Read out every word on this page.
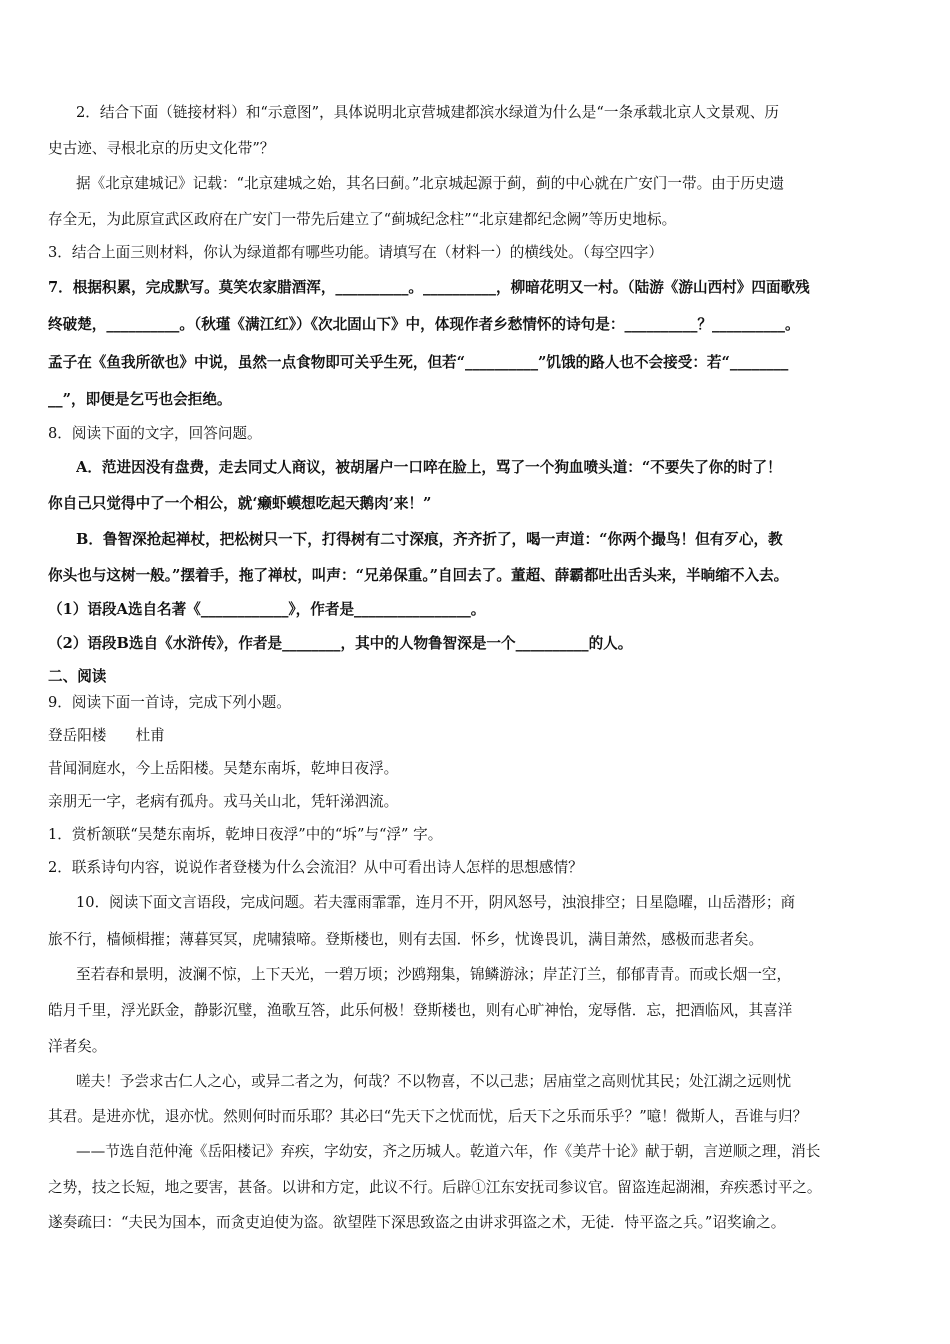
2．结合下面（链接材料）和“示意图”，具体说明北京营城建都滨水绿道为什么是“一条承载北京人文景观、历
史古迹、寻根北京的历史文化带”？
据《北京建城记》记载：“北京建城之始，其名曰蓟。”北京城起源于蓟，蓟的中心就在广安门一带。由于历史遗
存全无，为此原宣武区政府在广安门一带先后建立了“蓟城纪念柱”“北京建都纪念阙”等历史地标。
3．结合上面三则材料，你认为绿道都有哪些功能。请填写在（材料一）的横线处。（每空四字）
7．根据积累，完成默写。莫笑农家腊酒浑，__________。__________，柳暗花明又一村。（陆游《游山西村》四面歌残
终破楚，__________。（秋瑾《满江红》）《次北固山下》中，体现作者乡愁情怀的诗句是：__________？__________。
孟子在《鱼我所欲也》中说，虽然一点食物即可关乎生死，但若“__________”饥饿的路人也不会接受：若“________
__”，即便是乞丐也会拒绝。
8．阅读下面的文字，回答问题。
A．范进因没有盘费，走去同丈人商议，被胡屠户一口啐在脸上，骂了一个狗血喷头道：“不要失了你的时了！
你自己只觉得中了一个相公，就‘癞虾蟆想吃起天鹅肉’来！”
B．鲁智深抢起禅杖，把松树只一下，打得树有二寸深痕，齐齐折了，喝一声道：“你两个撮鸟！但有歹心，教
你头也与这树一般。”摆着手，拖了禅杖，叫声：“兄弟保重。”自回去了。董超、薛霸都吐出舌头来，半晌缩不入去。
（1）语段A选自名著《____________》，作者是________________。
（2）语段B选自《水浒传》，作者是________，其中的人物鲁智深是一个__________的人。
二、阅读
9．阅读下面一首诗，完成下列小题。
登岳阳楼　　杜甫
昔闻洞庭水，今上岳阳楼。吴楚东南坼，乾坤日夜浮。
亲朋无一字，老病有孤舟。戎马关山北，凭轩涕泗流。
1．赏析颔联“吴楚东南坼，乾坤日夜浮”中的“坼”与“浮” 字。
2．联系诗句内容，说说作者登楼为什么会流泪？从中可看出诗人怎样的思想感情？
10．阅读下面文言语段，完成问题。若夫霪雨霏霏，连月不开，阴风怒号，浊浪排空；日星隐曜，山岳潜形；商
旅不行，樯倾楫摧；薄暮冥冥，虎啸猿啼。登斯楼也，则有去国．怀乡，忧谗畏讥，满目萧然，感极而悲者矣。
至若春和景明，波澜不惊，上下天光，一碧万顷；沙鸥翔集，锦鳞游泳；岸芷汀兰，郁郁青青。而或长烟一空，
皓月千里，浮光跃金，静影沉璧，渔歌互答，此乐何极！登斯楼也，则有心旷神怡，宠辱偕．忘，把酒临风，其喜洋
洋者矣。
嗟夫！予尝求古仁人之心，或异二者之为，何哉？不以物喜，不以己悲；居庙堂之高则忧其民；处江湖之远则忧
其君。是进亦忧，退亦忧。然则何时而乐耶？其必曰“先天下之忧而忧，后天下之乐而乐乎？”噫！微斯人，吾谁与归？
——节选自范仲淹《岳阳楼记》弃疾，字幼安，齐之历城人。乾道六年，作《美芹十论》献于朝，言逆顺之理，消长
之势，技之长短，地之要害，甚备。以讲和方定，此议不行。后辟①江东安抚司参议官。留盗连起湖湘，弃疾悉讨平之。
遂奏疏曰：“夫民为国本，而贪吏迫使为盗。欲望陛下深思致盗之由讲求弭盗之术，无徒．恃平盗之兵。”诏奖谕之。
